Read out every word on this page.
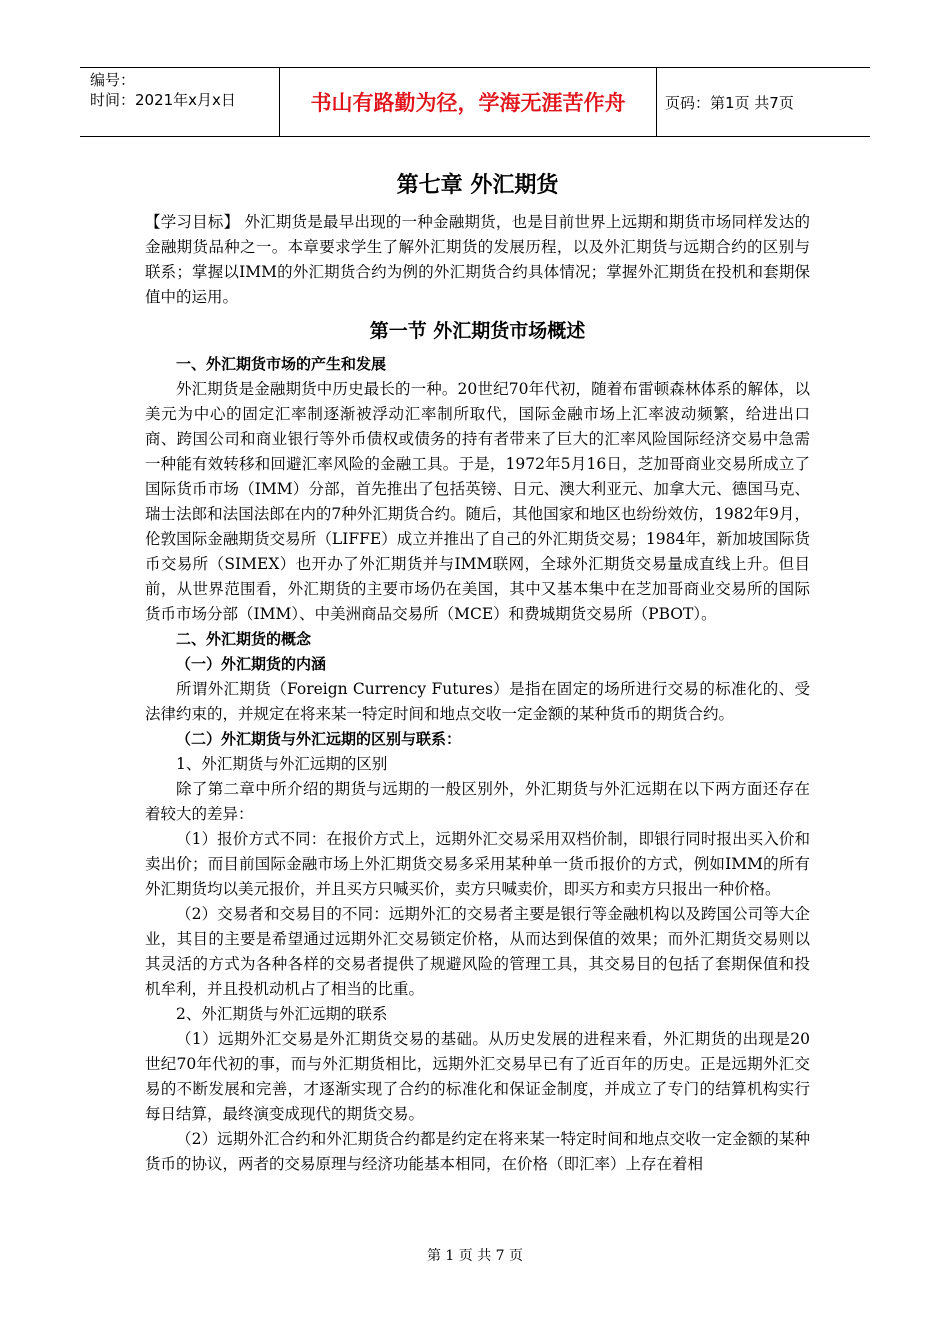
编号：
时间：2021年x月x日	书山有路勤为径，学海无涯苦作舟	页码：第1页 共7页
第七章 外汇期货

【学习目标】 外汇期货是最早出现的一种金融期货，也是目前世界上远期和期货市场同样发达的金融期货品种之一。本章要求学生了解外汇期货的发展历程，以及外汇期货与远期合约的区别与联系；掌握以IMM的外汇期货合约为例的外汇期货合约具体情况；掌握外汇期货在投机和套期保值中的运用。

第一节 外汇期货市场概述

一、外汇期货市场的产生和发展

外汇期货是金融期货中历史最长的一种。20世纪70年代初，随着布雷顿森林体系的解体，以美元为中心的固定汇率制逐渐被浮动汇率制所取代，国际金融市场上汇率波动频繁，给进出口商、跨国公司和商业银行等外币债权或债务的持有者带来了巨大的汇率风险国际经济交易中急需一种能有效转移和回避汇率风险的金融工具。于是，1972年5月16日，芝加哥商业交易所成立了国际货币市场（IMM）分部，首先推出了包括英镑、日元、澳大利亚元、加拿大元、德国马克、瑞士法郎和法国法郎在内的7种外汇期货合约。随后，其他国家和地区也纷纷效仿，1982年9月，伦敦国际金融期货交易所（LIFFE）成立并推出了自己的外汇期货交易；1984年，新加坡国际货币交易所（SIMEX）也开办了外汇期货并与IMM联网，全球外汇期货交易量成直线上升。但目前，从世界范围看，外汇期货的主要市场仍在美国，其中又基本集中在芝加哥商业交易所的国际货币市场分部（IMM）、中美洲商品交易所（MCE）和费城期货交易所（PBOT）。

二、外汇期货的概念

（一）外汇期货的内涵

所谓外汇期货（Foreign Currency Futures）是指在固定的场所进行交易的标准化的、受法律约束的，并规定在将来某一特定时间和地点交收一定金额的某种货币的期货合约。

（二）外汇期货与外汇远期的区别与联系：

1、外汇期货与外汇远期的区别

除了第二章中所介绍的期货与远期的一般区别外，外汇期货与外汇远期在以下两方面还存在着较大的差异：

（1）报价方式不同：在报价方式上，远期外汇交易采用双档价制，即银行同时报出买入价和卖出价；而目前国际金融市场上外汇期货交易多采用某种单一货币报价的方式，例如IMM的所有外汇期货均以美元报价，并且买方只喊买价，卖方只喊卖价，即买方和卖方只报出一种价格。

（2）交易者和交易目的不同：远期外汇的交易者主要是银行等金融机构以及跨国公司等大企业，其目的主要是希望通过远期外汇交易锁定价格，从而达到保值的效果；而外汇期货交易则以其灵活的方式为各种各样的交易者提供了规避风险的管理工具，其交易目的包括了套期保值和投机牟利，并且投机动机占了相当的比重。

2、外汇期货与外汇远期的联系

（1）远期外汇交易是外汇期货交易的基础。从历史发展的进程来看，外汇期货的出现是20世纪70年代初的事，而与外汇期货相比，远期外汇交易早已有了近百年的历史。正是远期外汇交易的不断发展和完善，才逐渐实现了合约的标准化和保证金制度，并成立了专门的结算机构实行每日结算，最终演变成现代的期货交易。

（2）远期外汇合约和外汇期货合约都是约定在将来某一特定时间和地点交收一定金额的某种货币的协议，两者的交易原理与经济功能基本相同，在价格（即汇率）上存在着相

第 1 页 共 7 页
